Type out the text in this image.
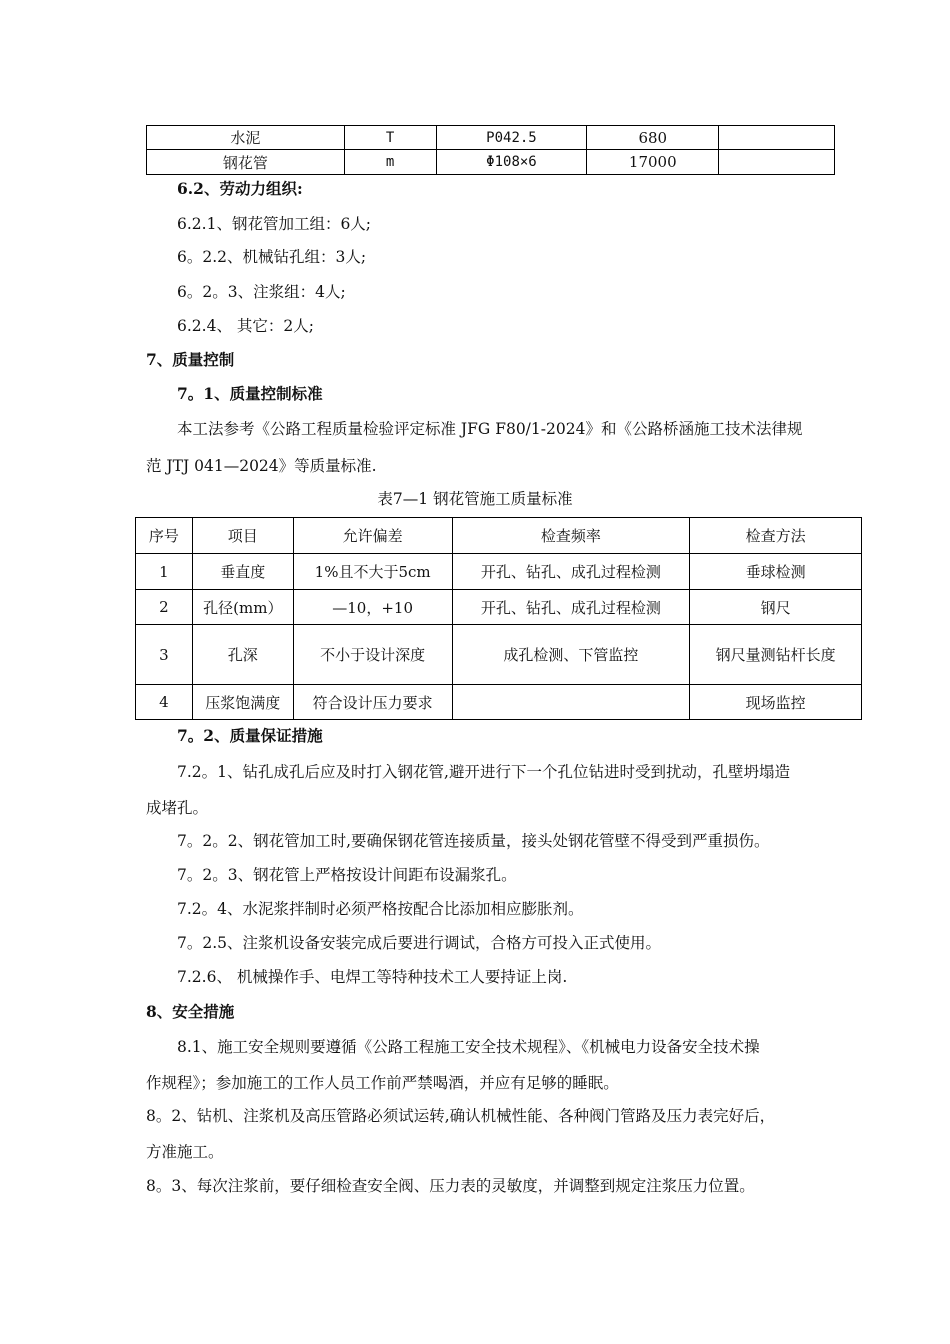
水泥	T	P042.5	680	
钢花管	m	Φ108×6	17000	
6.2、劳动力组织:
6.2.1、钢花管加工组：6人;
6。2.2、机械钻孔组：3人;
6。2。3、注浆组：4人;
6.2.4、 其它：2人;
7、质量控制
7。1、质量控制标准
本工法参考《公路工程质量检验评定标准 JFG F80/1-2024》和《公路桥涵施工技术法律规
范 JTJ 041—2024》等质量标准.
表7—1 钢花管施工质量标准
序号	项目	允许偏差	检查频率	检查方法
1	垂直度	1%且不大于5cm	开孔、钻孔、成孔过程检测	垂球检测
2	孔径(mm）	—10，+10	开孔、钻孔、成孔过程检测	钢尺
3	孔深	不小于设计深度	成孔检测、下管监控	钢尺量测钻杆长度
4	压浆饱满度	符合设计压力要求		现场监控
7。2、质量保证措施
7.2。1、钻孔成孔后应及时打入钢花管,避开进行下一个孔位钻进时受到扰动，孔壁坍塌造
成堵孔。
7。2。2、钢花管加工时,要确保钢花管连接质量，接头处钢花管壁不得受到严重损伤。
7。2。3、钢花管上严格按设计间距布设漏浆孔。
7.2。4、水泥浆拌制时必须严格按配合比添加相应膨胀剂。
7。2.5、注浆机设备安装完成后要进行调试，合格方可投入正式使用。
7.2.6、 机械操作手、电焊工等特种技术工人要持证上岗.
8、安全措施
8.1、施工安全规则要遵循《公路工程施工安全技术规程》、《机械电力设备安全技术操
作规程》；参加施工的工作人员工作前严禁喝酒，并应有足够的睡眠。
8。2、钻机、注浆机及高压管路必须试运转,确认机械性能、各种阀门管路及压力表完好后，
方准施工。
8。3、每次注浆前，要仔细检查安全阀、压力表的灵敏度，并调整到规定注浆压力位置。
